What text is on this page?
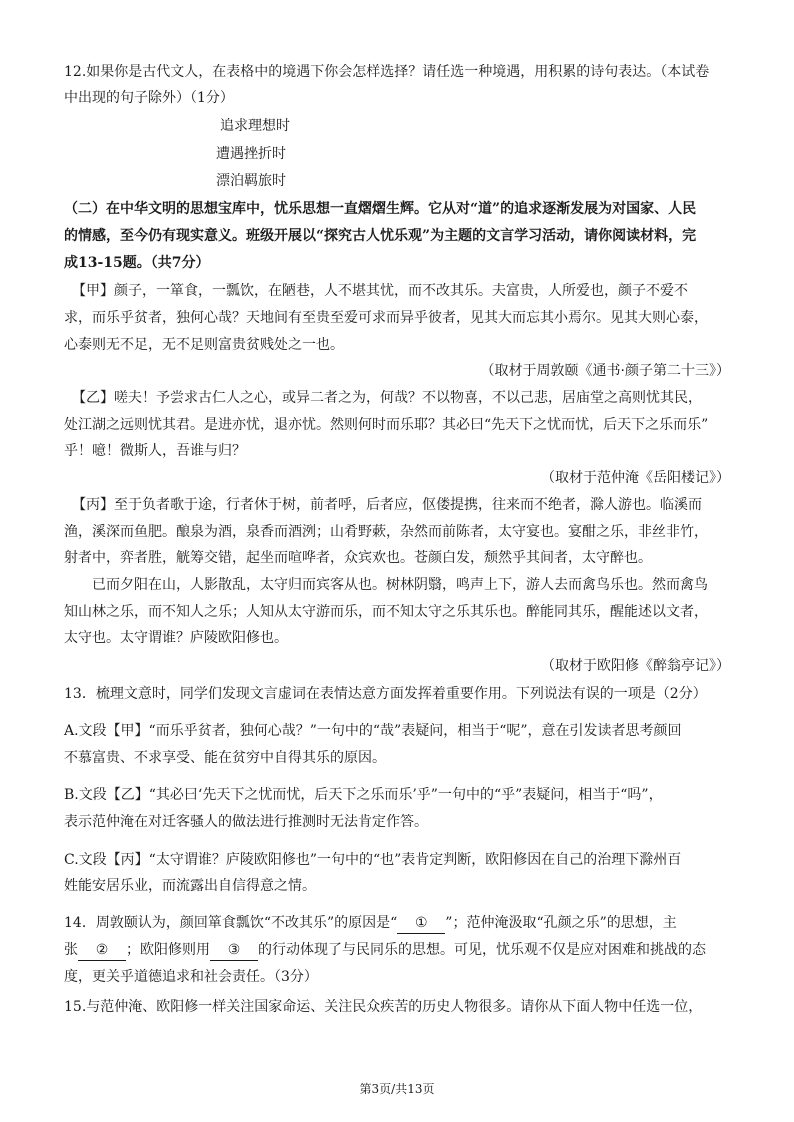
12.如果你是古代文人，在表格中的境遇下你会怎样选择？请任选一种境遇，用积累的诗句表达。（本试卷
中出现的句子除外）（1分）
追求理想时
遭遇挫折时
漂泊羁旅时
（二）在中华文明的思想宝库中，忧乐思想一直熠熠生辉。它从对“道”的追求逐渐发展为对国家、人民
的情感，至今仍有现实意义。班级开展以“探究古人忧乐观”为主题的文言学习活动，请你阅读材料，完
成13-15题。（共7分）
【甲】颜子，一箪食，一瓢饮，在陋巷，人不堪其忧，而不改其乐。夫富贵，人所爱也，颜子不爱不
求，而乐乎贫者，独何心哉？天地间有至贵至爱可求而异乎彼者，见其大而忘其小焉尔。见其大则心泰，
心泰则无不足，无不足则富贵贫贱处之一也。
（取材于周敦颐《通书·颜子第二十三》）
【乙】嗟夫！予尝求古仁人之心，或异二者之为，何哉？不以物喜，不以己悲，居庙堂之高则忧其民，
处江湖之远则忧其君。是进亦忧，退亦忧。然则何时而乐耶？其必曰“先天下之忧而忧，后天下之乐而乐”
乎！噫！微斯人，吾谁与归？
（取材于范仲淹《岳阳楼记》）
【丙】至于负者歌于途，行者休于树，前者呼，后者应，伛偻提携，往来而不绝者，滁人游也。临溪而
渔，溪深而鱼肥。酿泉为酒，泉香而酒洌；山肴野蔌，杂然而前陈者，太守宴也。宴酣之乐，非丝非竹，
射者中，弈者胜，觥筹交错，起坐而喧哗者，众宾欢也。苍颜白发，颓然乎其间者，太守醉也。
已而夕阳在山，人影散乱，太守归而宾客从也。树林阴翳，鸣声上下，游人去而禽鸟乐也。然而禽鸟
知山林之乐，而不知人之乐；人知从太守游而乐，而不知太守之乐其乐也。醉能同其乐，醒能述以文者，
太守也。太守谓谁？庐陵欧阳修也。
（取材于欧阳修《醉翁亭记》）
13．梳理文意时，同学们发现文言虚词在表情达意方面发挥着重要作用。下列说法有误的一项是（2分）
A.文段【甲】“而乐乎贫者，独何心哉？”一句中的“哉”表疑问，相当于“呢”，意在引发读者思考颜回
不慕富贵、不求享受、能在贫穷中自得其乐的原因。
B.文段【乙】“其必曰‘先天下之忧而忧，后天下之乐而乐’乎”一句中的“乎”表疑问，相当于“吗”，
表示范仲淹在对迁客骚人的做法进行推测时无法肯定作答。
C.文段【丙】“太守谓谁？庐陵欧阳修也”一句中的“也”表肯定判断，欧阳修因在自己的治理下滁州百
姓能安居乐业，而流露出自信得意之情。
14．周敦颐认为，颜回箪食瓢饮“不改其乐”的原因是“ ① ”；范仲淹汲取“孔颜之乐”的思想，主
张 ② ；欧阳修则用 ③ 的行动体现了与民同乐的思想。可见，忧乐观不仅是应对困难和挑战的态
度，更关乎道德追求和社会责任。（3分）
15.与范仲淹、欧阳修一样关注国家命运、关注民众疾苦的历史人物很多。请你从下面人物中任选一位，
第3页/共13页
